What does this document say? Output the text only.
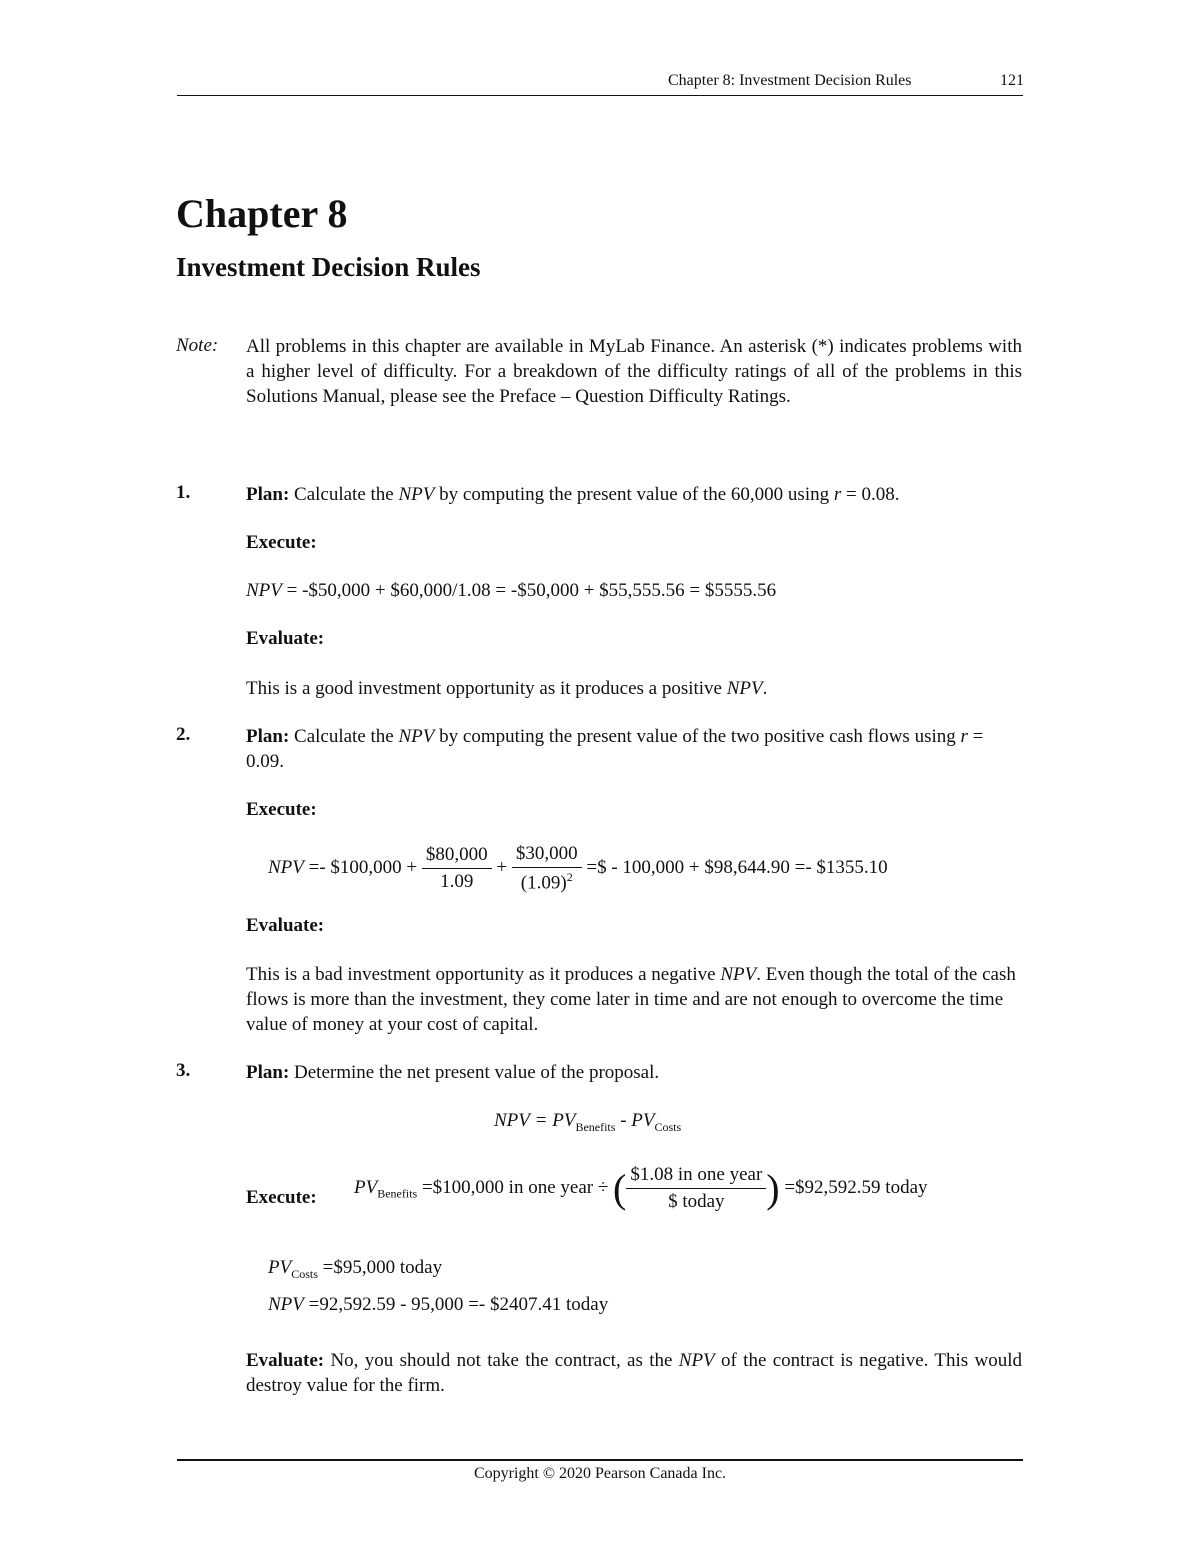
Chapter 8: Investment Decision Rules	121
Chapter 8
Investment Decision Rules
Note: All problems in this chapter are available in MyLab Finance. An asterisk (*) indicates problems with a higher level of difficulty. For a breakdown of the difficulty ratings of all of the problems in this Solutions Manual, please see the Preface – Question Difficulty Ratings.
1.	Plan: Calculate the NPV by computing the present value of the 60,000 using r = 0.08.
Execute:
NPV = -$50,000 + $60,000/1.08 = -$50,000 + $55,555.56 = $5555.56
Evaluate:
This is a good investment opportunity as it produces a positive NPV.
2.	Plan: Calculate the NPV by computing the present value of the two positive cash flows using r = 0.09.
Execute:
NPV =- $100,000 + $\frac{\$80,000}{1.09} + \frac{\$30,000}{(1.09)^2}$ =$ - 100,000 + $98,644.90 =- $1355.10
Evaluate:
This is a bad investment opportunity as it produces a negative NPV. Even though the total of the cash flows is more than the investment, they come later in time and are not enough to overcome the time value of money at your cost of capital.
3.	Plan: Determine the net present value of the proposal.
NPV = $PV_{Benefits} - PV_{Costs}$
Execute: $PV_{Benefits}$ =$100,000 in one year ÷ ( $\frac{\text{\$1.08 in one year}}{\text{\$ today}}$ ) =$92,592.59 today
$PV_{Costs}$ =$95,000 today
NPV =92,592.59 - 95,000 =- $2407.41 today
Evaluate: No, you should not take the contract, as the NPV of the contract is negative. This would destroy value for the firm.
Copyright © 2020 Pearson Canada Inc.
